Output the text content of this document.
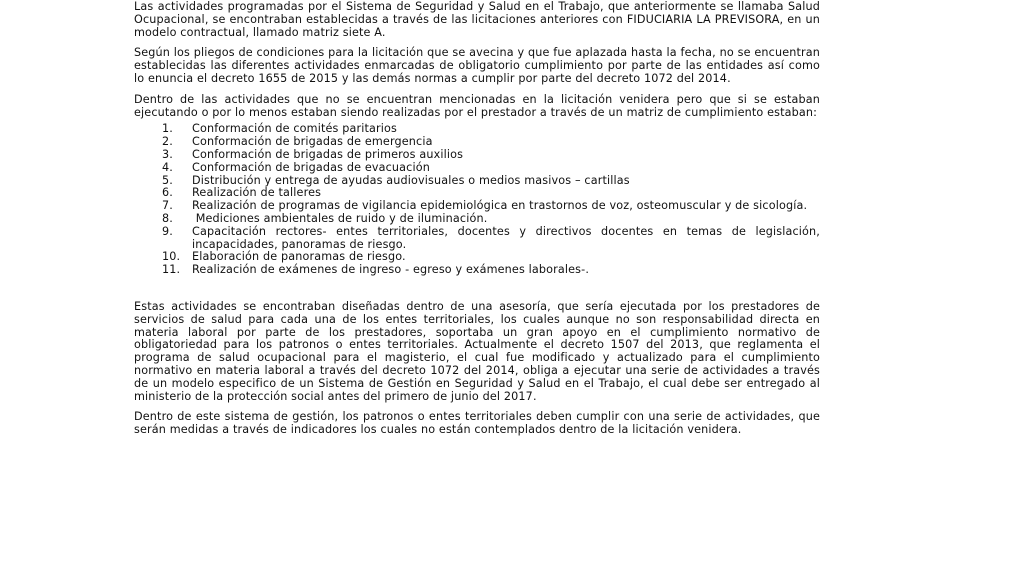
Las actividades programadas por el Sistema de Seguridad y Salud en el Trabajo, que anteriormente se llamaba Salud Ocupacional, se encontraban establecidas a través de las licitaciones anteriores con FIDUCIARIA LA PREVISORA, en un modelo contractual, llamado matriz siete A.

Según los pliegos de condiciones para la licitación que se avecina y que fue aplazada hasta la fecha, no se encuentran establecidas las diferentes actividades enmarcadas de obligatorio cumplimiento por parte de las entidades así como lo enuncia el decreto 1655 de 2015 y las demás normas a cumplir por parte del decreto 1072 del 2014.

Dentro de las actividades que no se encuentran mencionadas en la licitación venidera pero que si se estaban ejecutando o por lo menos estaban siendo realizadas por el prestador a través de un matriz de cumplimiento estaban:

1. Conformación de comités paritarios
2. Conformación de brigadas de emergencia
3. Conformación de brigadas de primeros auxilios
4. Conformación de brigadas de evacuación
5. Distribución y entrega de ayudas audiovisuales o medios masivos – cartillas
6. Realización de talleres
7. Realización de programas de vigilancia epidemiológica en trastornos de voz, osteomuscular y de sicología.
8. Mediciones ambientales de ruido y de iluminación.
9. Capacitación rectores- entes territoriales, docentes y directivos docentes en temas de legislación, incapacidades, panoramas de riesgo.
10. Elaboración de panoramas de riesgo.
11. Realización de exámenes de ingreso - egreso y exámenes laborales-.

Estas actividades se encontraban diseñadas dentro de una asesoría, que sería ejecutada por los prestadores de servicios de salud para cada una de los entes territoriales, los cuales aunque no son responsabilidad directa en materia laboral por parte de los prestadores, soportaba un gran apoyo en el cumplimiento normativo de obligatoriedad para los patronos o entes territoriales. Actualmente el decreto 1507 del 2013, que reglamenta el programa de salud ocupacional para el magisterio, el cual fue modificado y actualizado para el cumplimiento normativo en materia laboral a través del decreto 1072 del 2014, obliga a ejecutar una serie de actividades a través de un modelo especifico de un Sistema de Gestión en Seguridad y Salud en el Trabajo, el cual debe ser entregado al ministerio de la protección social antes del primero de junio del 2017.

Dentro de este sistema de gestión, los patronos o entes territoriales deben cumplir con una serie de actividades, que serán medidas a través de indicadores los cuales no están contemplados dentro de la licitación venidera.
